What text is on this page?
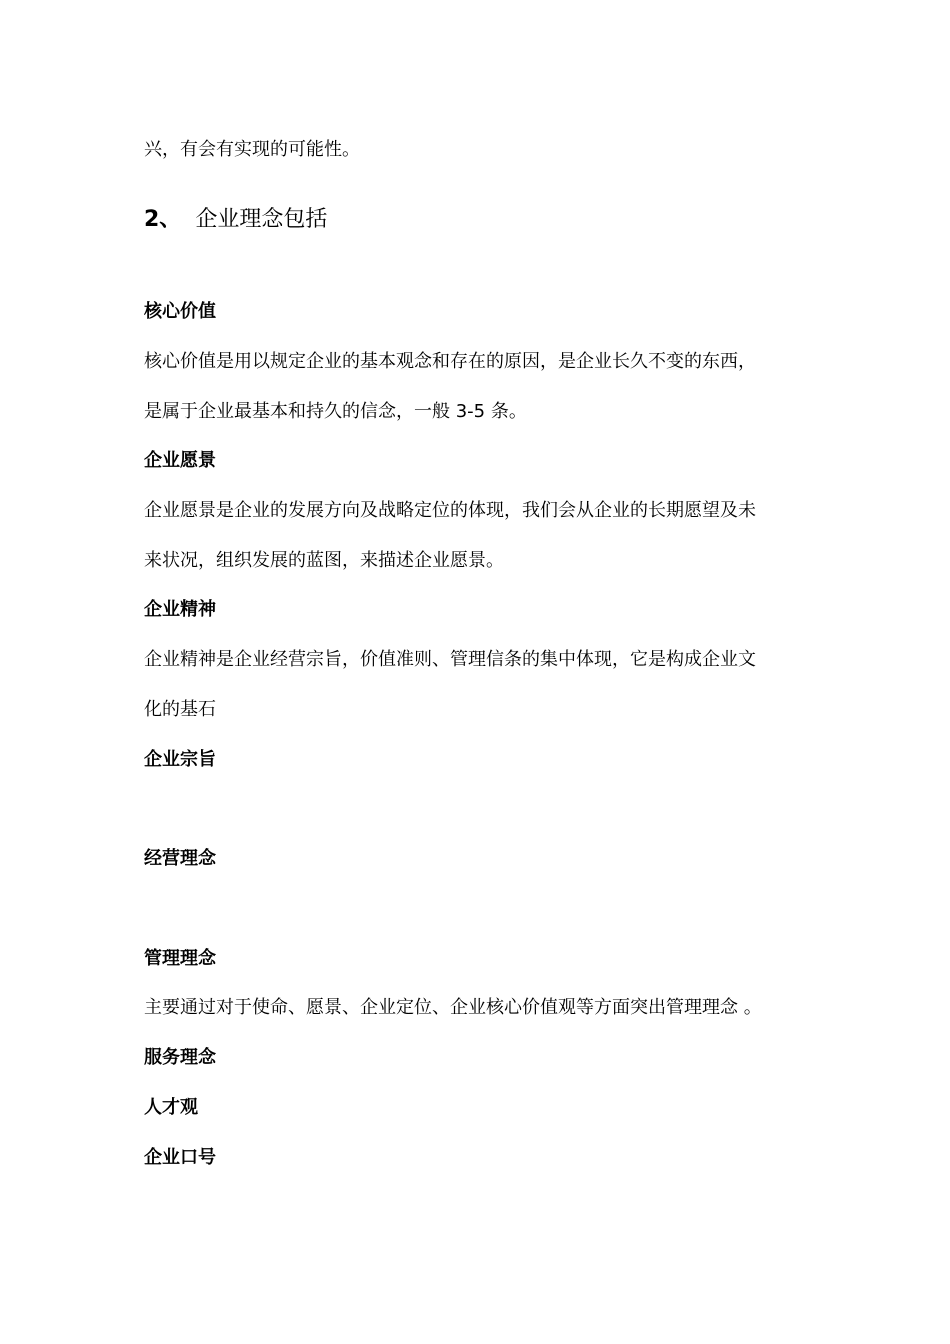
兴，有会有实现的可能性。
2、 企业理念包括
核心价值
核心价值是用以规定企业的基本观念和存在的原因，是企业长久不变的东西，
是属于企业最基本和持久的信念，一般 3-5 条。
企业愿景
企业愿景是企业的发展方向及战略定位的体现，我们会从企业的长期愿望及未
来状况，组织发展的蓝图，来描述企业愿景。
企业精神
企业精神是企业经营宗旨，价值准则、管理信条的集中体现，它是构成企业文
化的基石
企业宗旨
经营理念
管理理念
主要通过对于使命、愿景、企业定位、企业核心价值观等方面突出管理理念 。
服务理念
人才观
企业口号
